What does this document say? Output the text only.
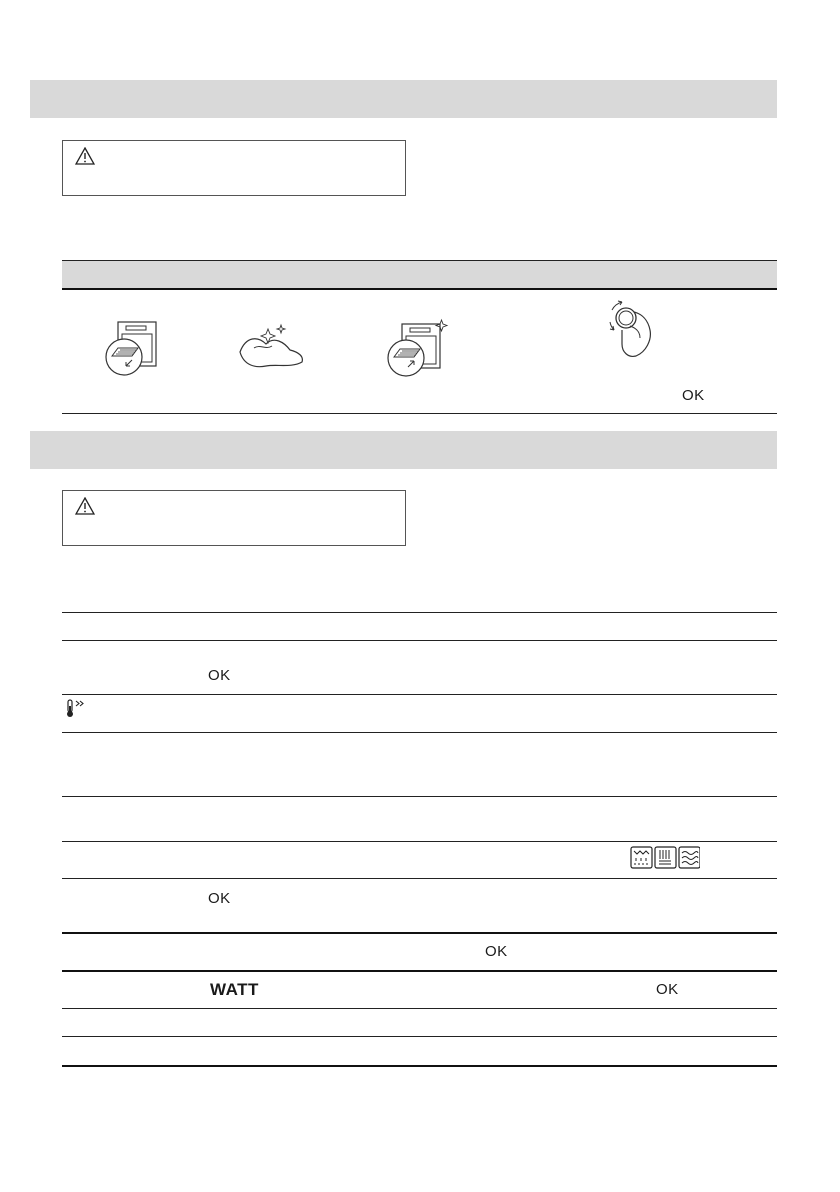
OK
OK
OK
OK
WATT	OK
